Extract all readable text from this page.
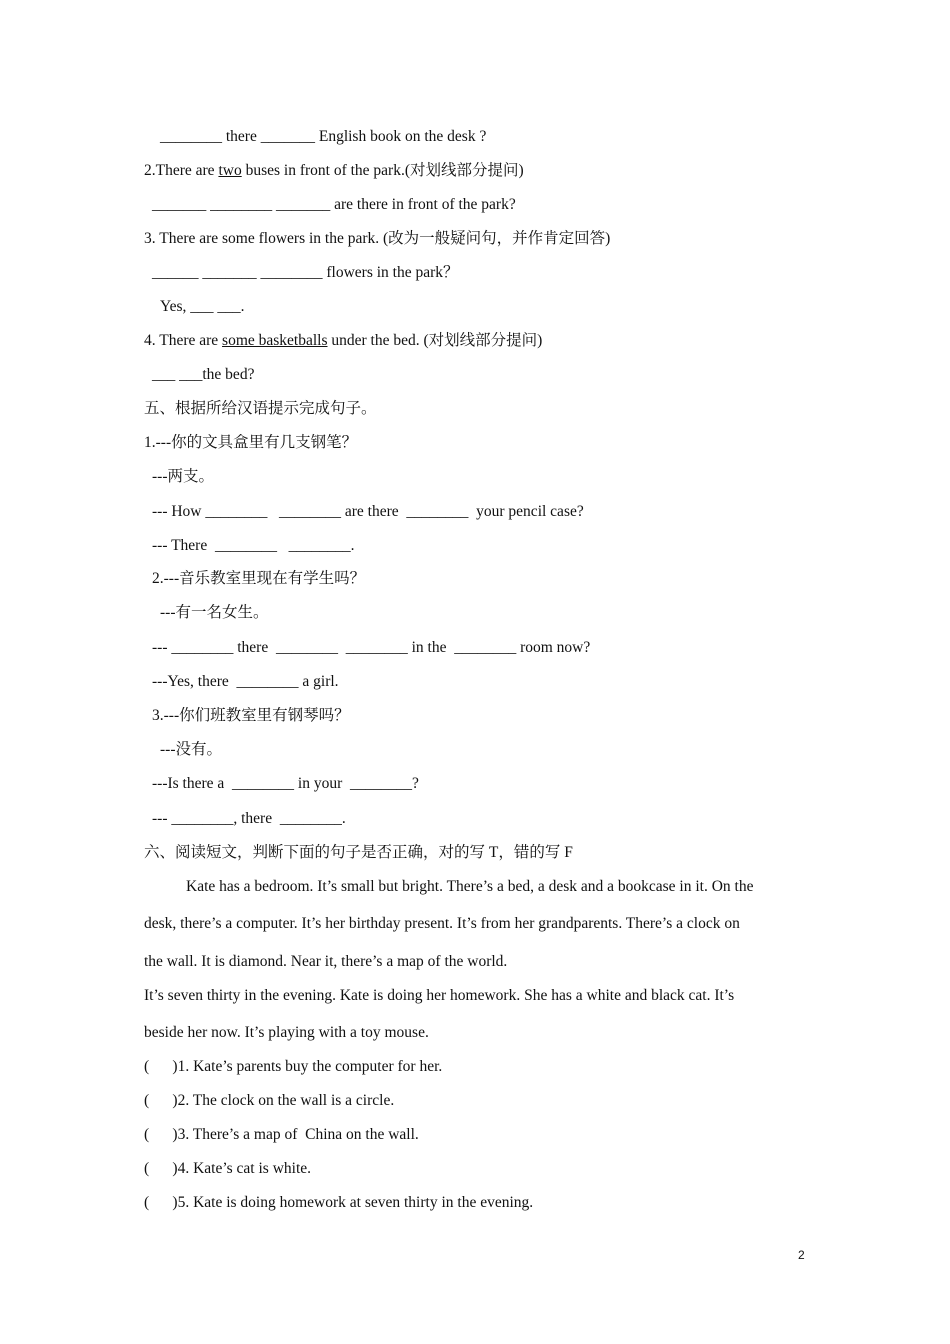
________ there _______ English book on the desk ?
2.There are two buses in front of the park.(对划线部分提问)
_______ ________ _______ are there in front of the park?
3. There are some flowers in the park. (改为一般疑问句，并作肯定回答)
______ _______ ________ flowers in the park？
Yes, ___ ___.
4. There are some basketballs under the bed. (对划线部分提问)
___ ___the bed?
五、根据所给汉语提示完成句子。
1.---你的文具盒里有几支钢笔？
---两支。
--- How ________   ________ are there  ________  your pencil case?
--- There  ________   ________.
2.---音乐教室里现在有学生吗？
---有一名女生。
--- ________ there  ________  ________ in the  ________ room now?
---Yes, there  ________ a girl.
3.---你们班教室里有钢琴吗？
---没有。
---Is there a  ________ in your  ________?
--- ________, there  ________.
六、阅读短文，判断下面的句子是否正确，对的写 T，错的写 F
Kate has a bedroom. It’s small but bright. There’s a bed, a desk and a bookcase in it. On the
desk, there’s a computer. It’s her birthday present. It’s from her grandparents. There’s a clock on
the wall. It is diamond. Near it, there’s a map of the world.
It’s seven thirty in the evening. Kate is doing her homework. She has a white and black cat. It’s
beside her now. It’s playing with a toy mouse.
(      )1. Kate’s parents buy the computer for her.
(      )2. The clock on the wall is a circle.
(      )3. There’s a map of  China on the wall.
(      )4. Kate’s cat is white.
(      )5. Kate is doing homework at seven thirty in the evening.
2
